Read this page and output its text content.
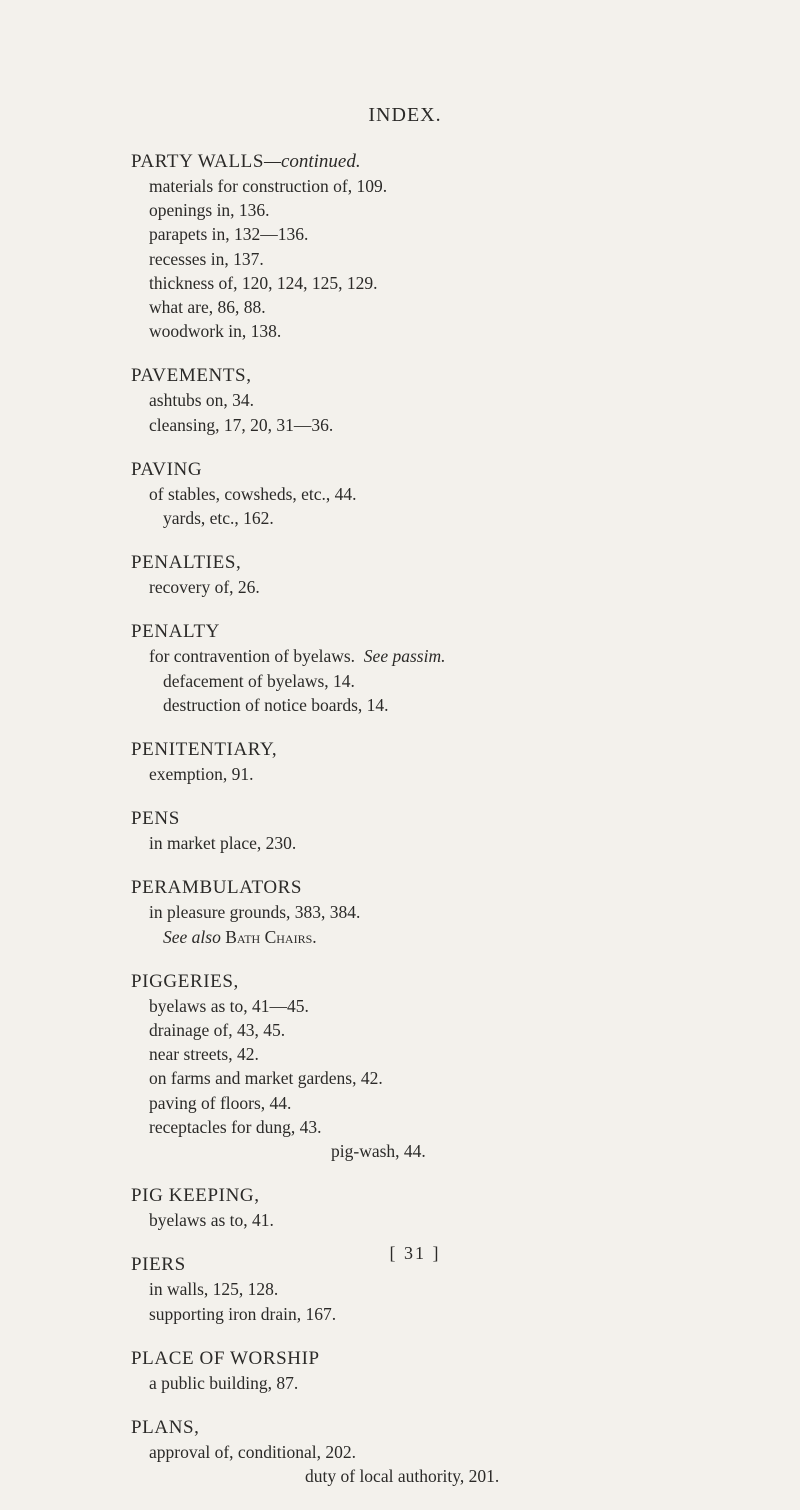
INDEX.
PARTY WALLS—continued.
materials for construction of, 109.
openings in, 136.
parapets in, 132—136.
recesses in, 137.
thickness of, 120, 124, 125, 129.
what are, 86, 88.
woodwork in, 138.
PAVEMENTS,
ashtubs on, 34.
cleansing, 17, 20, 31—36.
PAVING
of stables, cowsheds, etc., 44.
yards, etc., 162.
PENALTIES,
recovery of, 26.
PENALTY
for contravention of byelaws. See passim.
defacement of byelaws, 14.
destruction of notice boards, 14.
PENITENTIARY,
exemption, 91.
PENS
in market place, 230.
PERAMBULATORS
in pleasure grounds, 383, 384.
See also Bath Chairs.
PIGGERIES,
byelaws as to, 41—45.
drainage of, 43, 45.
near streets, 42.
on farms and market gardens, 42.
paving of floors, 44.
receptacles for dung, 43.
pig-wash, 44.
PIG KEEPING,
byelaws as to, 41.
PIERS
in walls, 125, 128.
supporting iron drain, 167.
PLACE OF WORSHIP
a public building, 87.
PLANS,
approval of, conditional, 202.
duty of local authority, 201.
[ 31 ]
